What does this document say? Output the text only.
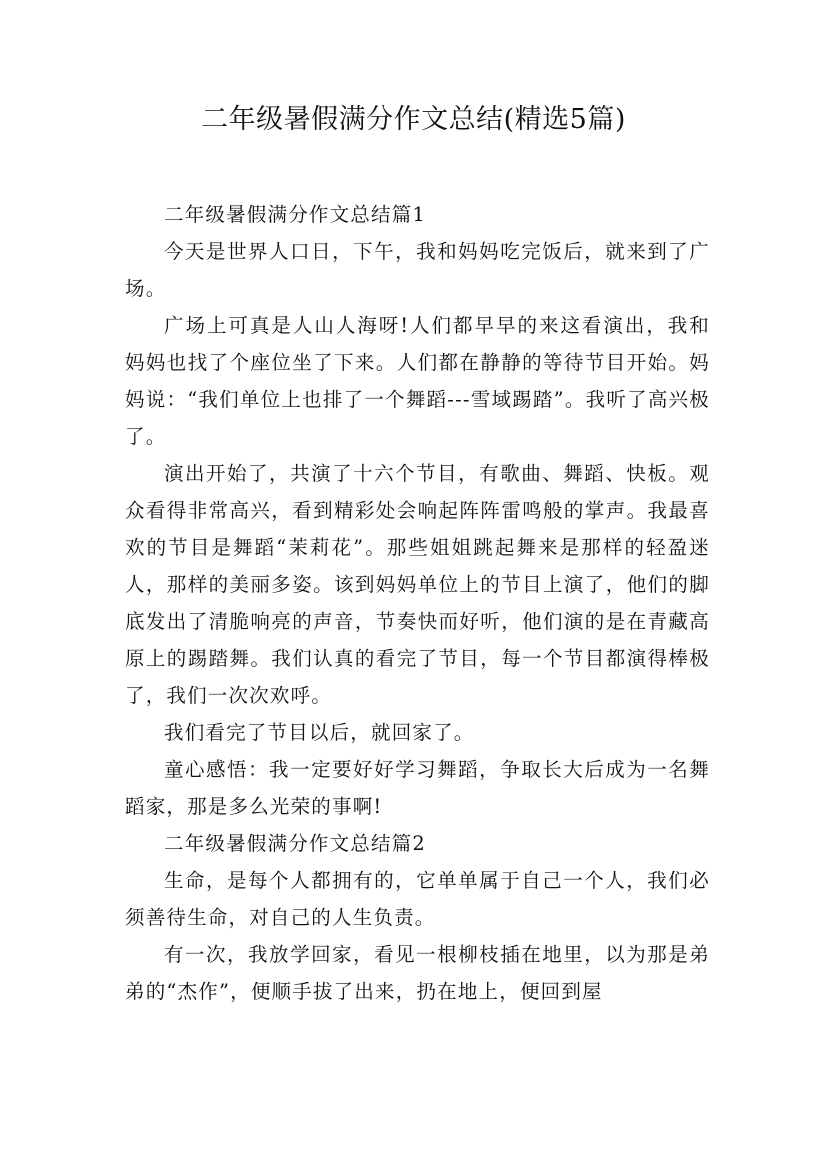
二年级暑假满分作文总结(精选5篇)

二年级暑假满分作文总结篇1

今天是世界人口日，下午，我和妈妈吃完饭后，就来到了广场。

广场上可真是人山人海呀!人们都早早的来这看演出，我和妈妈也找了个座位坐了下来。人们都在静静的等待节目开始。妈妈说：“我们单位上也排了一个舞蹈---雪域踢踏”。我听了高兴极了。

演出开始了，共演了十六个节目，有歌曲、舞蹈、快板。观众看得非常高兴，看到精彩处会响起阵阵雷鸣般的掌声。我最喜欢的节目是舞蹈“茉莉花”。那些姐姐跳起舞来是那样的轻盈迷人，那样的美丽多姿。该到妈妈单位上的节目上演了，他们的脚底发出了清脆响亮的声音，节奏快而好听，他们演的是在青藏高原上的踢踏舞。我们认真的看完了节目，每一个节目都演得棒极了，我们一次次欢呼。

我们看完了节目以后，就回家了。

童心感悟：我一定要好好学习舞蹈，争取长大后成为一名舞蹈家，那是多么光荣的事啊!

二年级暑假满分作文总结篇2

生命，是每个人都拥有的，它单单属于自己一个人，我们必须善待生命，对自己的人生负责。

有一次，我放学回家，看见一根柳枝插在地里，以为那是弟弟的“杰作”，便顺手拔了出来，扔在地上，便回到屋
